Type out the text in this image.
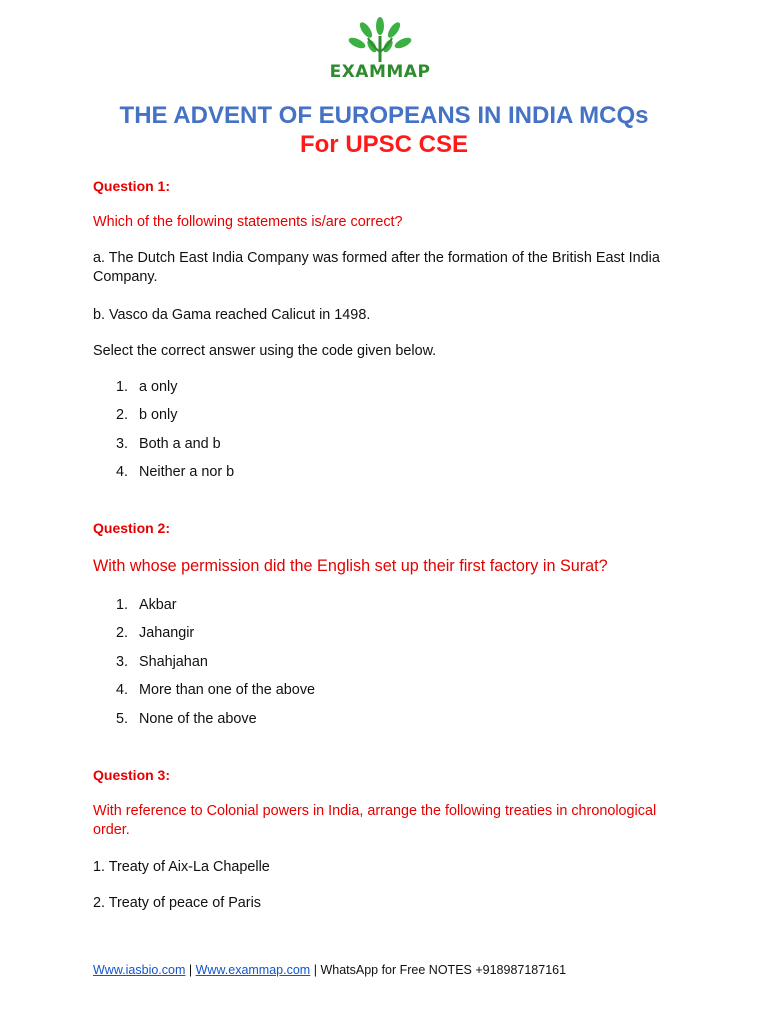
EXAMMAP
THE ADVENT OF EUROPEANS IN INDIA MCQs
For UPSC CSE
Question 1:
Which of the following statements is/are correct?
a. The Dutch East India Company was formed after the formation of the British East India Company.
b. Vasco da Gama reached Calicut in 1498.
Select the correct answer using the code given below.
1. a only
2. b only
3. Both a and b
4. Neither a nor b
Question 2:
With whose permission did the English set up their first factory in Surat?
1. Akbar
2. Jahangir
3. Shahjahan
4. More than one of the above
5. None of the above
Question 3:
With reference to Colonial powers in India, arrange the following treaties in chronological order.
1. Treaty of Aix-La Chapelle
2. Treaty of peace of Paris
Www.iasbio.com | Www.exammap.com | WhatsApp for Free NOTES +918987187161
